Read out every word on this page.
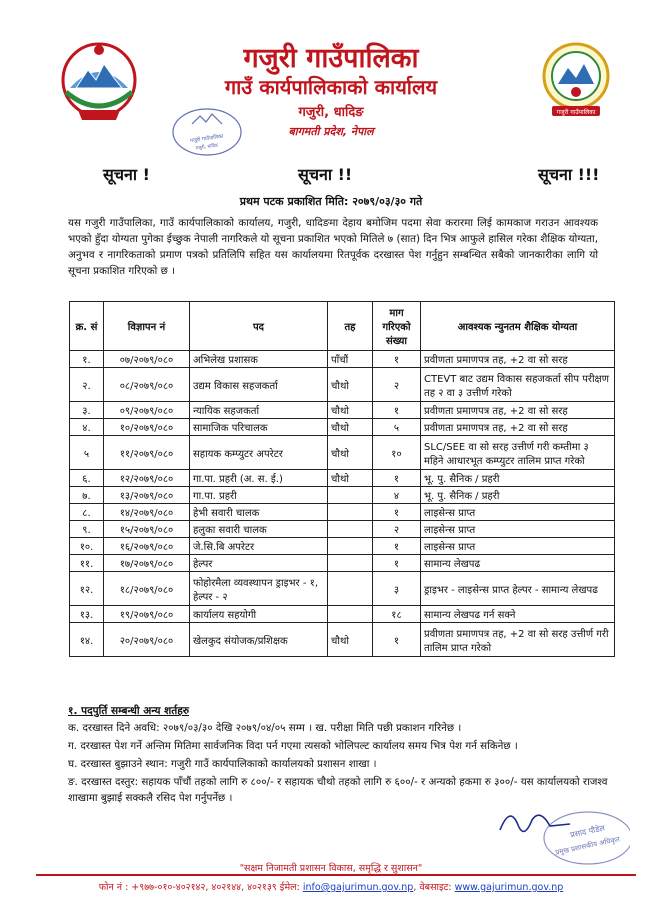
गजुरी गाउँपालिका
गाउँ कार्यपालिकाको कार्यालय
गजुरी, धादिङ
बागमती प्रदेश, नेपाल
गजुरी गाउँपालिका
गजुरी गाउँपालिका
गजुरी, धादिङ
सूचना !	सूचना !!	सूचना !!!
प्रथम पटक प्रकाशित मिति: २०७९/०३/३० गते
यस गजुरी गाउँपालिका, गाउँ कार्यपालिकाको कार्यालय, गजुरी, धादिङमा देहाय बमोजिम पदमा सेवा करारमा लिई कामकाज गराउन आवश्यक भएको हुँदा योग्यता पुगेका ईच्छुक नेपाली नागरिकले यो सूचना प्रकाशित भएको मितिले ७ (सात) दिन भित्र आफुले हासिल गरेका शैक्षिक योग्यता, अनुभव र नागरिकताको प्रमाण पत्रको प्रतिलिपि सहित यस कार्यालयमा रितपूर्वक दरखास्त पेश गर्नुहुन सम्बन्धित सबैको जानकारीका लागि यो सूचना प्रकाशित गरिएको छ ।
क्र. सं	विज्ञापन नं	पद	तह	माग गरिएको संख्या	आवश्यक न्युनतम शैक्षिक योग्यता
१.	०७/२०७९/०८०	अभिलेख प्रशासक	पाँचौं	१	प्रवीणता प्रमाणपत्र तह, +2 वा सो सरह
२.	०८/२०७९/०८०	उद्यम विकास सहजकर्ता	चौथो	२	CTEVT बाट उद्यम विकास सहजकर्ता सीप परीक्षण तह २ वा ३ उत्तीर्ण गरेको
३.	०९/२०७९/०८०	न्यायिक सहजकर्ता	चौथो	१	प्रवीणता प्रमाणपत्र तह, +2 वा सो सरह
४.	१०/२०७९/०८०	सामाजिक परिचालक	चौथो	५	प्रवीणता प्रमाणपत्र तह, +2 वा सो सरह
५	११/२०७९/०८०	सहायक कम्प्युटर अपरेटर	चौथो	१०	SLC/SEE वा सो सरह उत्तीर्ण गरी कम्तीमा ३ महिने आधारभूत कम्प्युटर तालिम प्राप्त गरेको
६.	१२/२०७९/०८०	गा.पा. प्रहरी (अ. स. ई.)	चौथो	१	भू. पु. सैनिक / प्रहरी
७.	१३/२०७९/०८०	गा.पा. प्रहरी		४	भू. पु. सैनिक / प्रहरी
८.	१४/२०७९/०८०	हेभी सवारी चालक		१	लाइसेन्स प्राप्त
९.	१५/२०७९/०८०	हलुका सवारी चालक		२	लाइसेन्स प्राप्त
१०.	१६/२०७९/०८०	जे.सि.बि अपरेटर		१	लाइसेन्स प्राप्त
११.	१७/२०७९/०८०	हेल्पर		१	सामान्य लेखपढ
१२.	१८/२०७९/०८०	फोहोरमैला व्यवस्थापन ड्राइभर - १, हेल्पर - २		३	ड्राइभर - लाइसेन्स प्राप्त हेल्पर - सामान्य लेखपढ
१३.	१९/२०७९/०८०	कार्यालय सहयोगी		१८	सामान्य लेखपढ गर्न सक्ने
१४.	२०/२०७९/०८०	खेलकुद संयोजक/प्रशिक्षक	चौथो	१	प्रवीणता प्रमाणपत्र तह, +2 वा सो सरह उत्तीर्ण गरी तालिम प्राप्त गरेको
१. पदपुर्ति सम्बन्धी अन्य शर्तहरु
क. दरखास्त दिने अवधि: २०७९/०३/३० देखि २०७९/०४/०५ सम्म । ख. परीक्षा मिति पछी प्रकाशन गरिनेछ ।
ग. दरखास्त पेश गर्ने अन्तिम मितिमा सार्वजनिक विदा पर्न गएमा त्यसको भोलिपल्ट कार्यालय समय भित्र पेश गर्न सकिनेछ ।
घ. दरखास्त बुझाउने स्थान: गजुरी गाउँ कार्यपालिकाको कार्यालयको प्रशासन शाखा ।
ङ. दरखास्त दस्तुर: सहायक पाँचौं तहको लागि रु ८००/- र सहायक चौथो तहको लागि रु ६००/- र अन्यको हकमा रु ३००/- यस कार्यालयको राजश्व शाखामा बुझाई सक्कलै रसिद पेश गर्नुपर्नेछ ।
प्रसाद पौडेल
प्रमुख प्रशासकीय अधिकृत
"सक्षम निजामती प्रशासन विकास, समृद्धि र सुशासन"
फोन नं : +९७७-०१०-४०२१४२, ४०२१४४, ४०२१३९ ईमेल: info@gajurimun.gov.np, वेबसाइट: www.gajurimun.gov.np
